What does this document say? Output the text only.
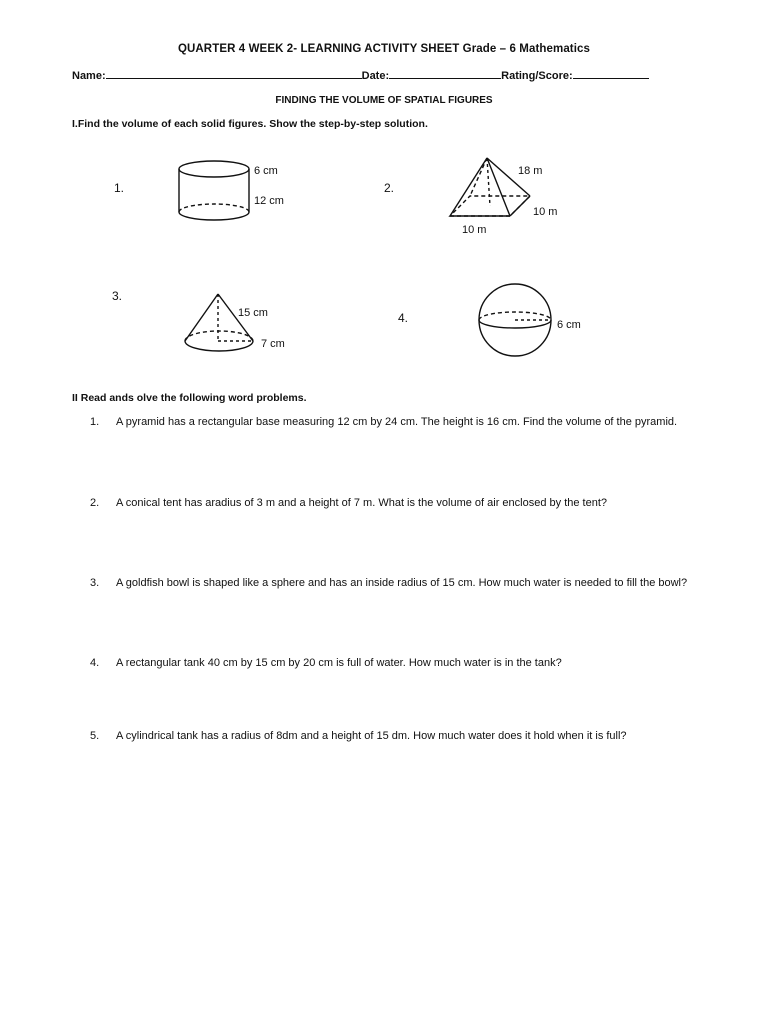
QUARTER 4 WEEK 2- LEARNING ACTIVITY SHEET Grade – 6 Mathematics
Name:	Date:	Rating/Score:
FINDING THE VOLUME OF SPATIAL FIGURES
I.Find the volume of each solid figures. Show the step-by-step solution.
1.
6 cm
12 cm
2.
18 m
10 m
10 m
3.
15 cm
7 cm
4.	6 cm
II Read ands olve the following word problems.
1.	A pyramid has a rectangular base measuring 12 cm by 24 cm. The height is 16 cm. Find the volume of the pyramid.
2.	A conical tent has aradius of 3 m and a height of 7 m. What is the volume of air enclosed by the tent?
3.	A goldfish bowl is shaped like a sphere and has an inside radius of 15 cm. How much water is needed to fill the bowl?
4.	A rectangular tank 40 cm by 15 cm by 20 cm is full of water. How much water is in the tank?
5.	A cylindrical tank has a radius of 8dm and a height of 15 dm. How much water does it hold when it is full?
